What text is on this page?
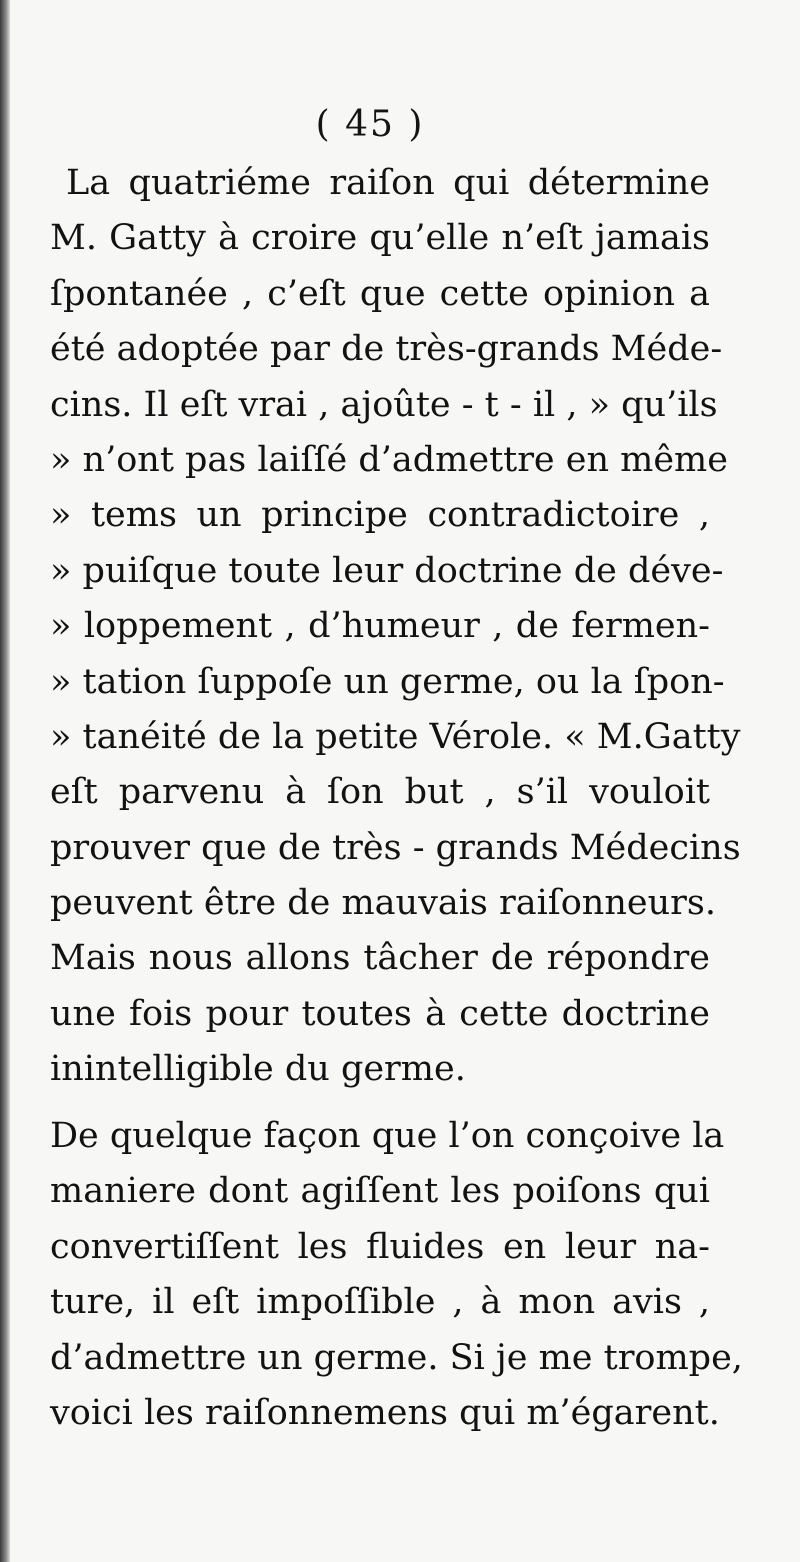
( 45 )
La quatriéme raiſon qui détermine
M. Gatty à croire qu’elle n’eſt jamais
ſpontanée , c’eſt que cette opinion a
été adoptée par de très-grands Méde-
cins. Il eſt vrai , ajoûte - t - il , » qu’ils
» n’ont pas laiſſé d’admettre en même
» tems un principe contradictoire ,
» puiſque toute leur doctrine de déve-
» loppement , d’humeur , de fermen-
» tation ſuppoſe un germe, ou la ſpon-
» tanéité de la petite Vérole. « M.Gatty
eſt parvenu à ſon but , s’il vouloit
prouver que de très - grands Médecins
peuvent être de mauvais raiſonneurs.
Mais nous allons tâcher de répondre
une fois pour toutes à cette doctrine
inintelligible du germe.
De quelque façon que l’on conçoive la
maniere dont agiſſent les poiſons qui
convertiſſent les fluides en leur na-
ture, il eſt impoſſible , à mon avis ,
d’admettre un germe. Si je me trompe,
voici les raiſonnemens qui m’égarent.
